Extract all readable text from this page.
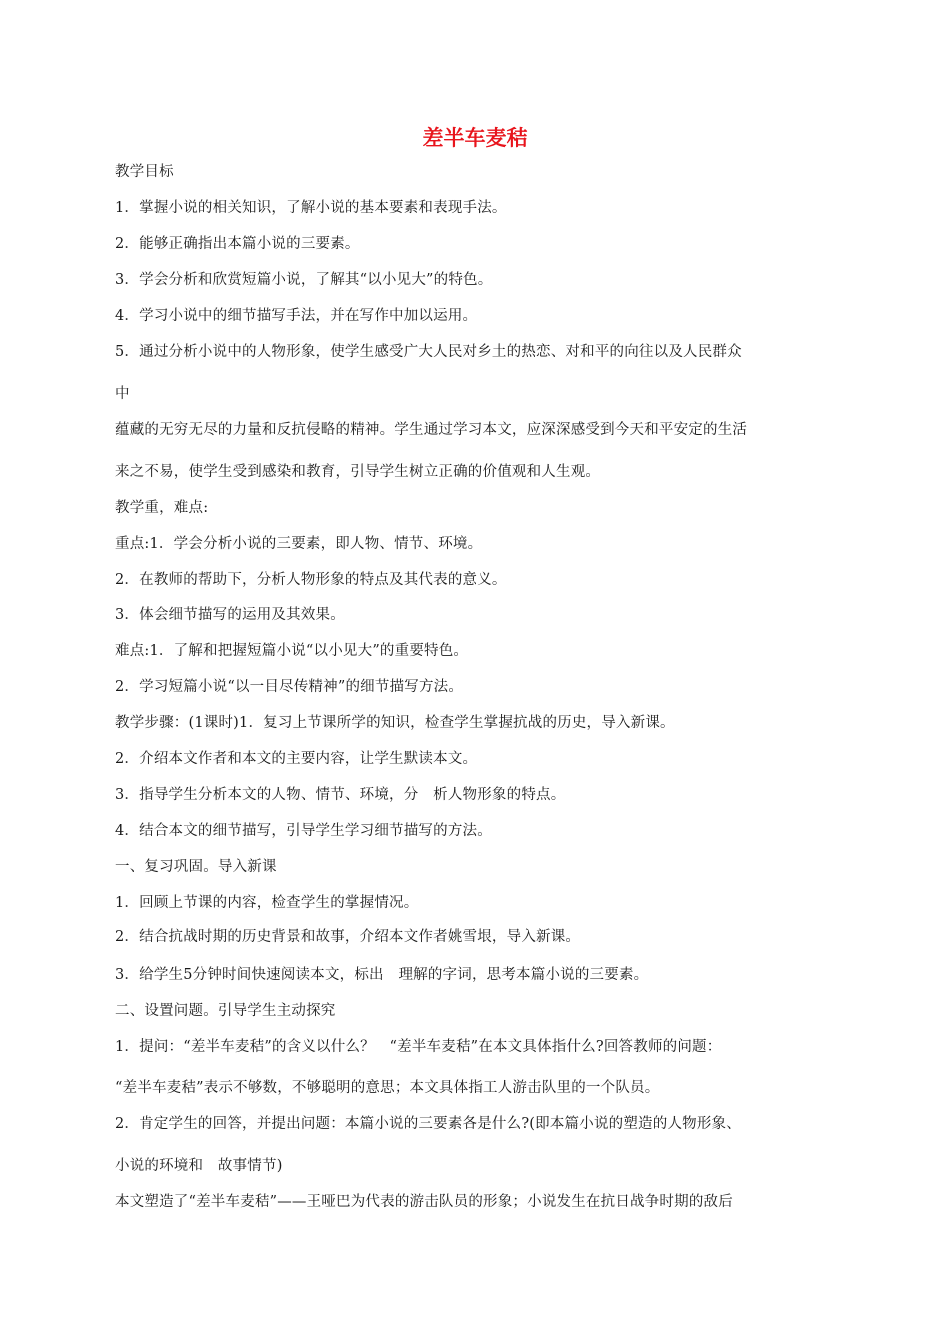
差半车麦秸
教学目标
1．掌握小说的相关知识，了解小说的基本要素和表现手法。
2．能够正确指出本篇小说的三要素。
3．学会分析和欣赏短篇小说，了解其“以小见大”的特色。
4．学习小说中的细节描写手法，并在写作中加以运用。
5．通过分析小说中的人物形象，使学生感受广大人民对乡土的热恋、对和平的向往以及人民群众
中
蕴藏的无穷无尽的力量和反抗侵略的精神。学生通过学习本文，应深深感受到今天和平安定的生活
来之不易，使学生受到感染和教育，引导学生树立正确的价值观和人生观。
教学重，难点:
重点:1．学会分析小说的三要素，即人物、情节、环境。
2．在教师的帮助下，分析人物形象的特点及其代表的意义。
3．体会细节描写的运用及其效果。
难点:1．了解和把握短篇小说“以小见大”的重要特色。
2．学习短篇小说“以一目尽传精神”的细节描写方法。
教学步骤：(1课时)1．复习上节课所学的知识，检查学生掌握抗战的历史，导入新课。
2．介绍本文作者和本文的主要内容，让学生默读本文。
3．指导学生分析本文的人物、情节、环境，分　析人物形象的特点。
4．结合本文的细节描写，引导学生学习细节描写的方法。
一、复习巩固。导入新课
1．回顾上节课的内容，检查学生的掌握情况。
2．结合抗战时期的历史背景和故事，介绍本文作者姚雪垠，导入新课。
3．给学生5分钟时间快速阅读本文，标出　理解的字词，思考本篇小说的三要素。
二、设置问题。引导学生主动探究
1．提问：“差半车麦秸”的含义以什么？　“差半车麦秸”在本文具体指什么?回答教师的问题：
“差半车麦秸”表示不够数，不够聪明的意思；本文具体指工人游击队里的一个队员。
2．肯定学生的回答，并提出问题：本篇小说的三要素各是什么?(即本篇小说的塑造的人物形象、
小说的环境和　故事情节)
本文塑造了“差半车麦秸”——王哑巴为代表的游击队员的形象；小说发生在抗日战争时期的敌后
